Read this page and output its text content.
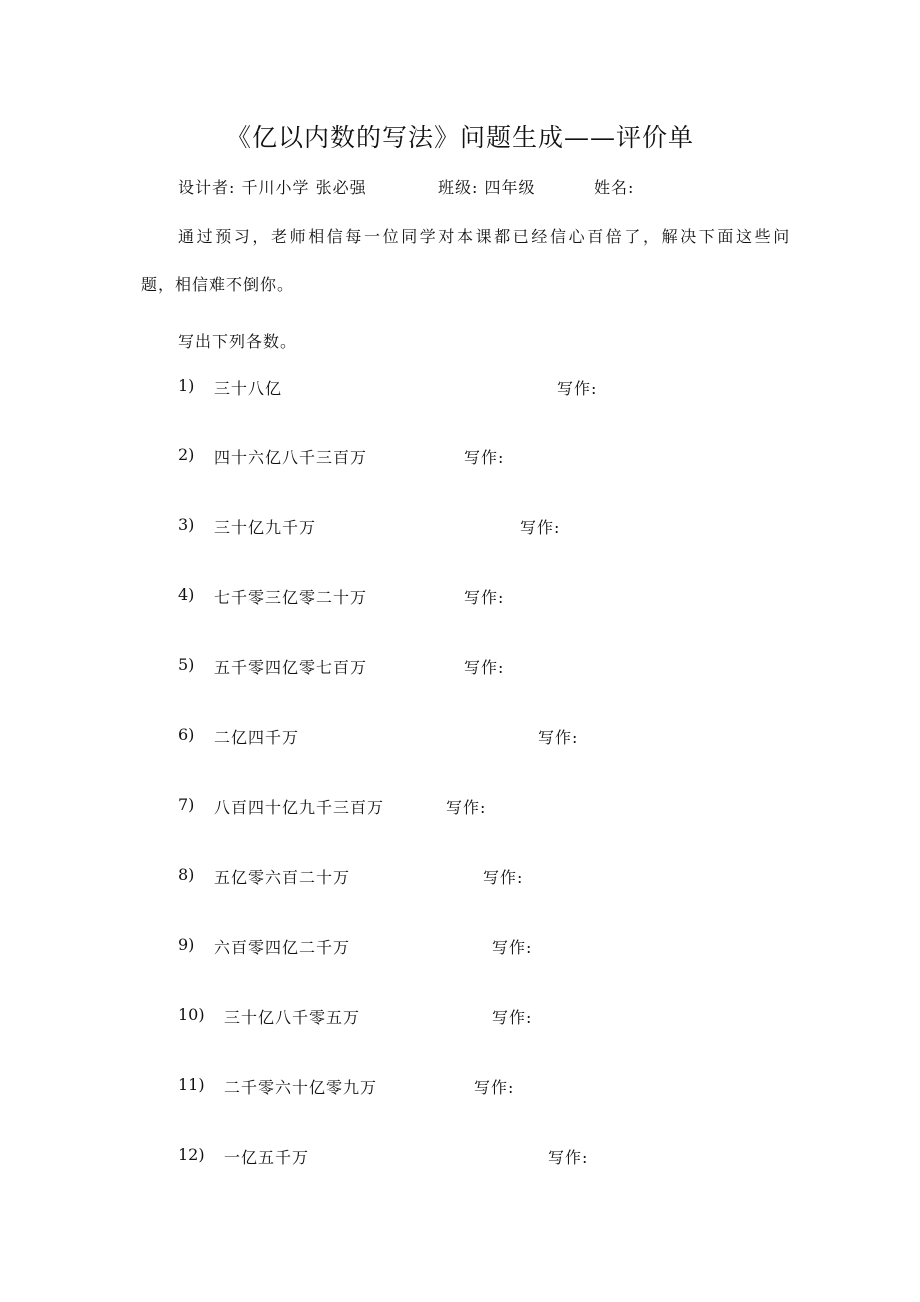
《亿以内数的写法》问题生成——评价单
设计者: 千川小学 张必强	班级: 四年级	姓名:
通过预习，老师相信每一位同学对本课都已经信心百倍了，解决下面这些问
题，相信难不倒你。
写出下列各数。
1) 三十八亿	写作:
2) 四十六亿八千三百万	写作:
3) 三十亿九千万	写作:
4) 七千零三亿零二十万	写作:
5) 五千零四亿零七百万	写作:
6) 二亿四千万	写作:
7) 八百四十亿九千三百万	写作:
8) 五亿零六百二十万	写作:
9) 六百零四亿二千万	写作:
10) 三十亿八千零五万	写作:
11) 二千零六十亿零九万	写作:
12) 一亿五千万	写作:
